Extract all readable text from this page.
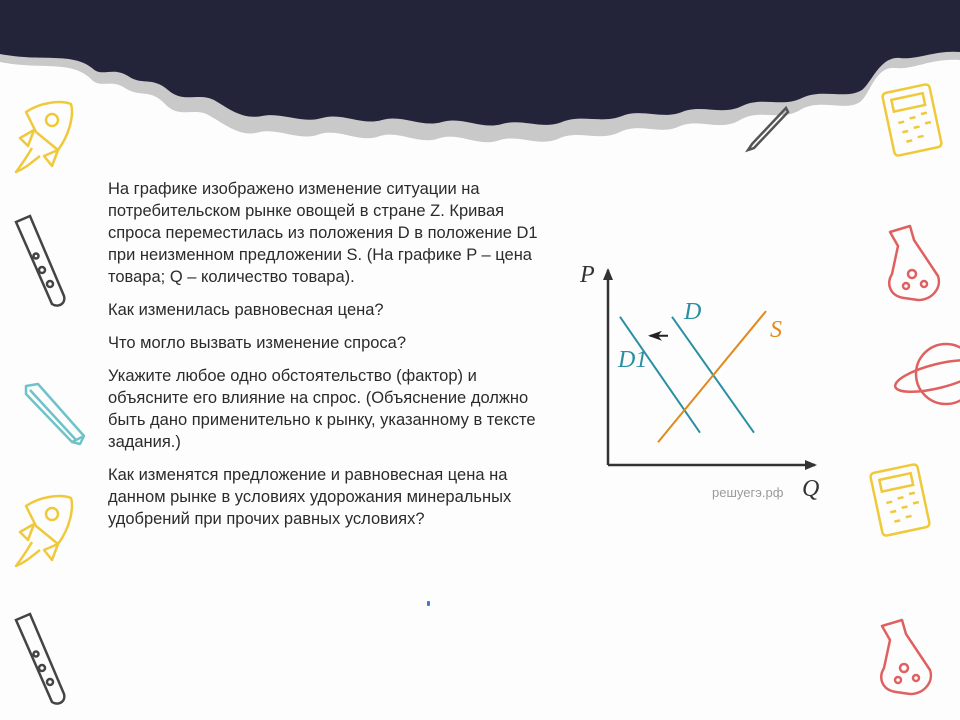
На графике изображено изменение ситуации на потребительском рынке овощей в стране Z. Кривая спроса переместилась из положения D в положение D1 при неизменном предложении S. (На графике P – цена товара; Q – количество товара).

Как изменилась равновесная цена?

Что могло вызвать изменение спроса?

Укажите любое одно обстоятельство (фактор) и объясните его влияние на спрос. (Объяснение должно быть дано применительно к рынку, указанному в тексте задания.)

Как изменятся предложение и равновесная цена на данном рынке в условиях удорожания минеральных удобрений при прочих равных условиях?

P
Q
решуегэ.рф
D
D1
S
